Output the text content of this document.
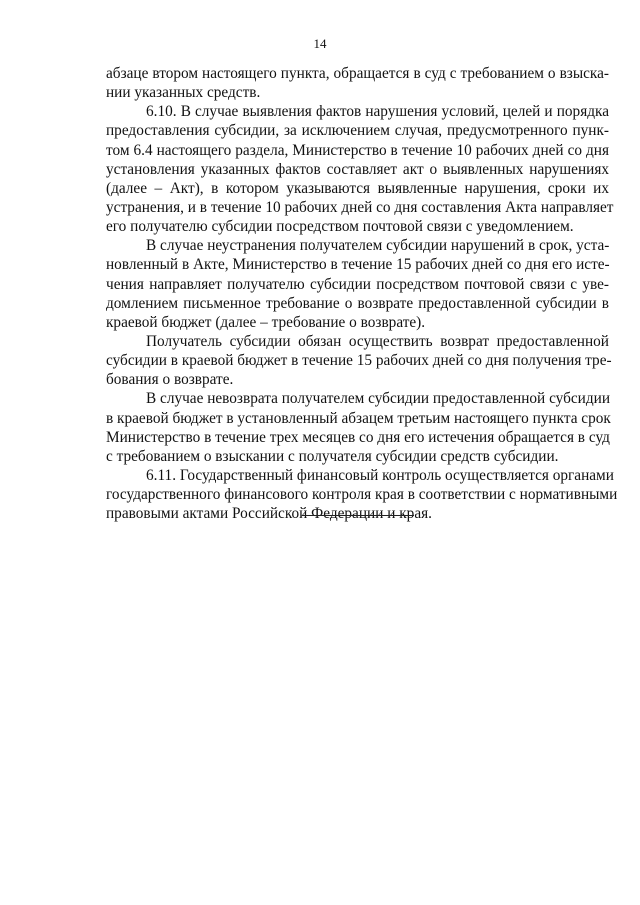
14
абзаце втором настоящего пункта, обращается в суд с требованием о взыска-
нии указанных средств.
6.10. В случае выявления фактов нарушения условий, целей и порядка
предоставления субсидии, за исключением случая, предусмотренного пунк-
том 6.4 настоящего раздела, Министерство в течение 10 рабочих дней со дня
установления указанных фактов составляет акт о выявленных нарушениях
(далее – Акт), в котором указываются выявленные нарушения, сроки их
устранения, и в течение 10 рабочих дней со дня составления Акта направляет
его получателю субсидии посредством почтовой связи с уведомлением.
В случае неустранения получателем субсидии нарушений в срок, уста-
новленный в Акте, Министерство в течение 15 рабочих дней со дня его истe-
чения направляет получателю субсидии посредством почтовой связи с уве-
домлением письменное требование о возврате предоставленной субсидии в
краевой бюджет (далее – требование о возврате).
Получатель субсидии обязан осуществить возврат предоставленной
субсидии в краевой бюджет в течение 15 рабочих дней со дня получения тре-
бования о возврате.
В случае невозврата получателем субсидии предоставленной субсидии
в краевой бюджет в установленный абзацем третьим настоящего пункта срок
Министерство в течение трех месяцев со дня его истечения обращается в суд
с требованием о взыскании с получателя субсидии средств субсидии.
6.11. Государственный финансовый контроль осуществляется органами
государственного финансового контроля края в соответствии с нормативными
правовыми актами Российской Федерации и края.
